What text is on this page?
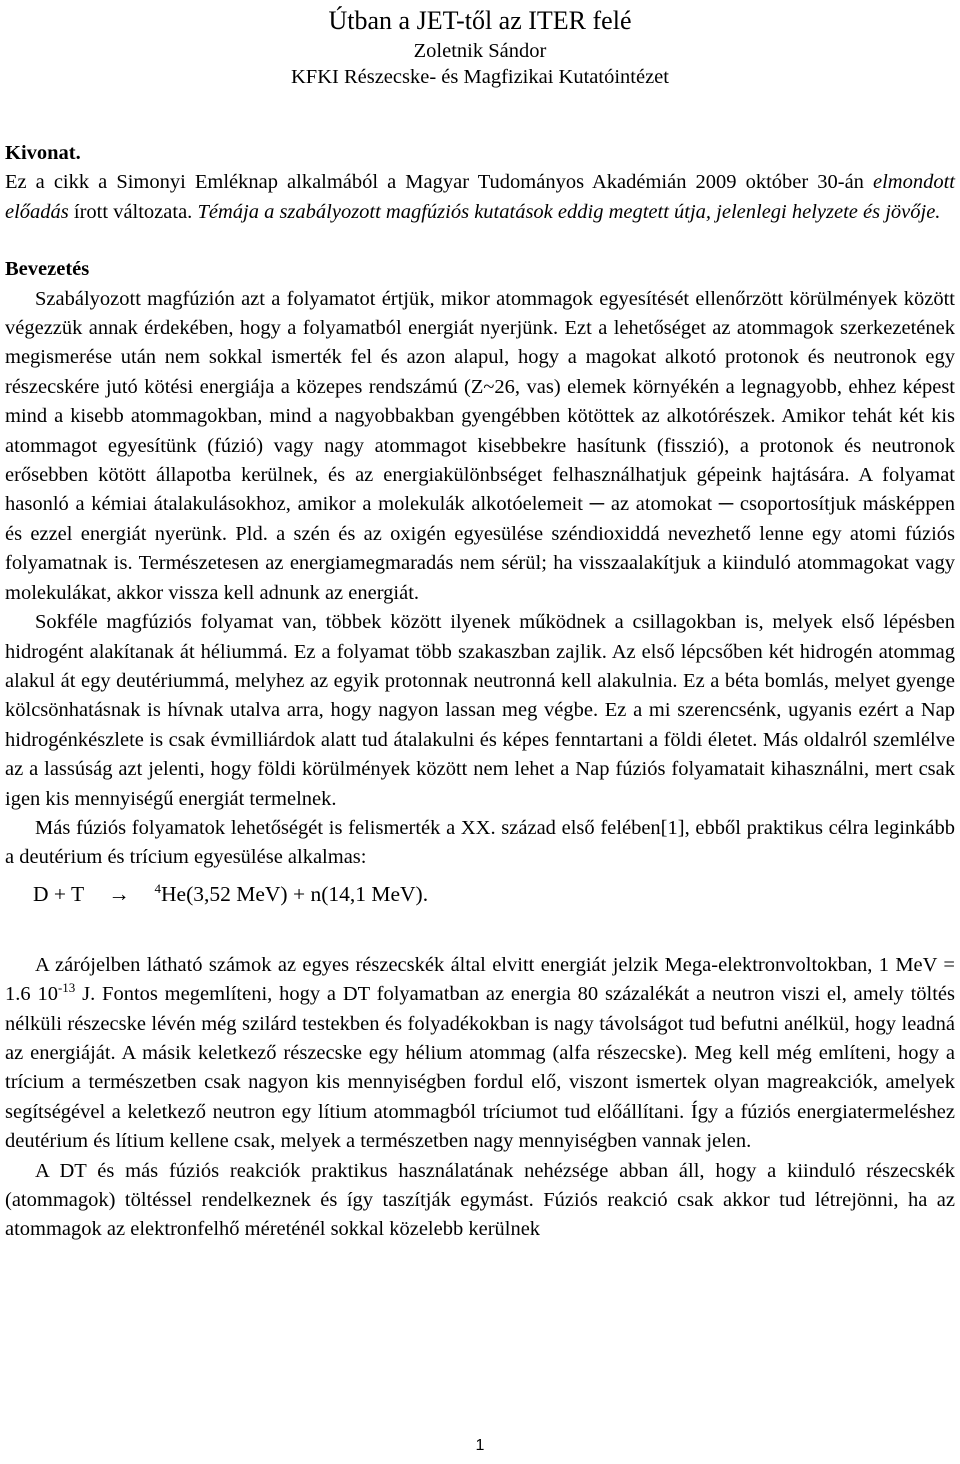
Útban a JET-től az ITER felé
Zoletnik Sándor
KFKI Részecske- és Magfizikai Kutatóintézet

Kivonat.

Ez a cikk a Simonyi Emléknap alkalmából a Magyar Tudományos Akadémián 2009 október 30-án elmondott előadás írott változata. Témája a szabályozott magfúziós kutatások eddig megtett útja, jelenlegi helyzete és jövője.

Bevezetés

Szabályozott magfúzión azt a folyamatot értjük, mikor atommagok egyesítését ellenőrzött körülmények között végezzük annak érdekében, hogy a folyamatból energiát nyerjünk. Ezt a lehetőséget az atommagok szerkezetének megismerése után nem sokkal ismerték fel és azon alapul, hogy a magokat alkotó protonok és neutronok egy részecskére jutó kötési energiája a közepes rendszámú (Z~26, vas) elemek környékén a legnagyobb, ehhez képest mind a kisebb atommagokban, mind a nagyobbakban gyengébben kötöttek az alkotórészek. Amikor tehát két kis atommagot egyesítünk (fúzió) vagy nagy atommagot kisebbekre hasítunk (fisszió), a protonok és neutronok erősebben kötött állapotba kerülnek, és az energiakülönbséget felhasználhatjuk gépeink hajtására. A folyamat hasonló a kémiai átalakulásokhoz, amikor a molekulák alkotóelemeit ─ az atomokat ─ csoportosítjuk másképpen és ezzel energiát nyerünk. Pld. a szén és az oxigén egyesülése széndioxiddá nevezhető lenne egy atomi fúziós folyamatnak is. Természetesen az energiamegmaradás nem sérül; ha visszaalakítjuk a kiinduló atommagokat vagy molekulákat, akkor vissza kell adnunk az energiát.

Sokféle magfúziós folyamat van, többek között ilyenek működnek a csillagokban is, melyek első lépésben hidrogént alakítanak át héliummá. Ez a folyamat több szakaszban zajlik. Az első lépcsőben két hidrogén atommag alakul át egy deutériummá, melyhez az egyik protonnak neutronná kell alakulnia. Ez a béta bomlás, melyet gyenge kölcsönhatásnak is hívnak utalva arra, hogy nagyon lassan meg végbe. Ez a mi szerencsénk, ugyanis ezért a Nap hidrogénkészlete is csak évmilliárdok alatt tud átalakulni és képes fenntartani a földi életet. Más oldalról szemlélve az a lassúság azt jelenti, hogy földi körülmények között nem lehet a Nap fúziós folyamatait kihasználni, mert csak igen kis mennyiségű energiát termelnek.

Más fúziós folyamatok lehetőségét is felismerték a XX. század első felében[1], ebből praktikus célra leginkább a deutérium és trícium egyesülése alkalmas:

D + T → $^4$He(3,52 MeV) + n(14,1 MeV).

A zárójelben látható számok az egyes részecskék által elvitt energiát jelzik Mega-elektronvoltokban, 1 MeV = 1.6 $10^{-13}$ J. Fontos megemlíteni, hogy a DT folyamatban az energia 80 százalékát a neutron viszi el, amely töltés nélküli részecske lévén még szilárd testekben és folyadékokban is nagy távolságot tud befutni anélkül, hogy leadná az energiáját. A másik keletkező részecske egy hélium atommag (alfa részecske). Meg kell még említeni, hogy a trícium a természetben csak nagyon kis mennyiségben fordul elő, viszont ismertek olyan magreakciók, amelyek segítségével a keletkező neutron egy lítium atommagból tríciumot tud előállítani. Így a fúziós energiatermeléshez deutérium és lítium kellene csak, melyek a természetben nagy mennyiségben vannak jelen.

A DT és más fúziós reakciók praktikus használatának nehézsége abban áll, hogy a kiinduló részecskék (atommagok) töltéssel rendelkeznek és így taszítják egymást. Fúziós reakció csak akkor tud létrejönni, ha az atommagok az elektronfelhő méreténél sokkal közelebb kerülnek

1
